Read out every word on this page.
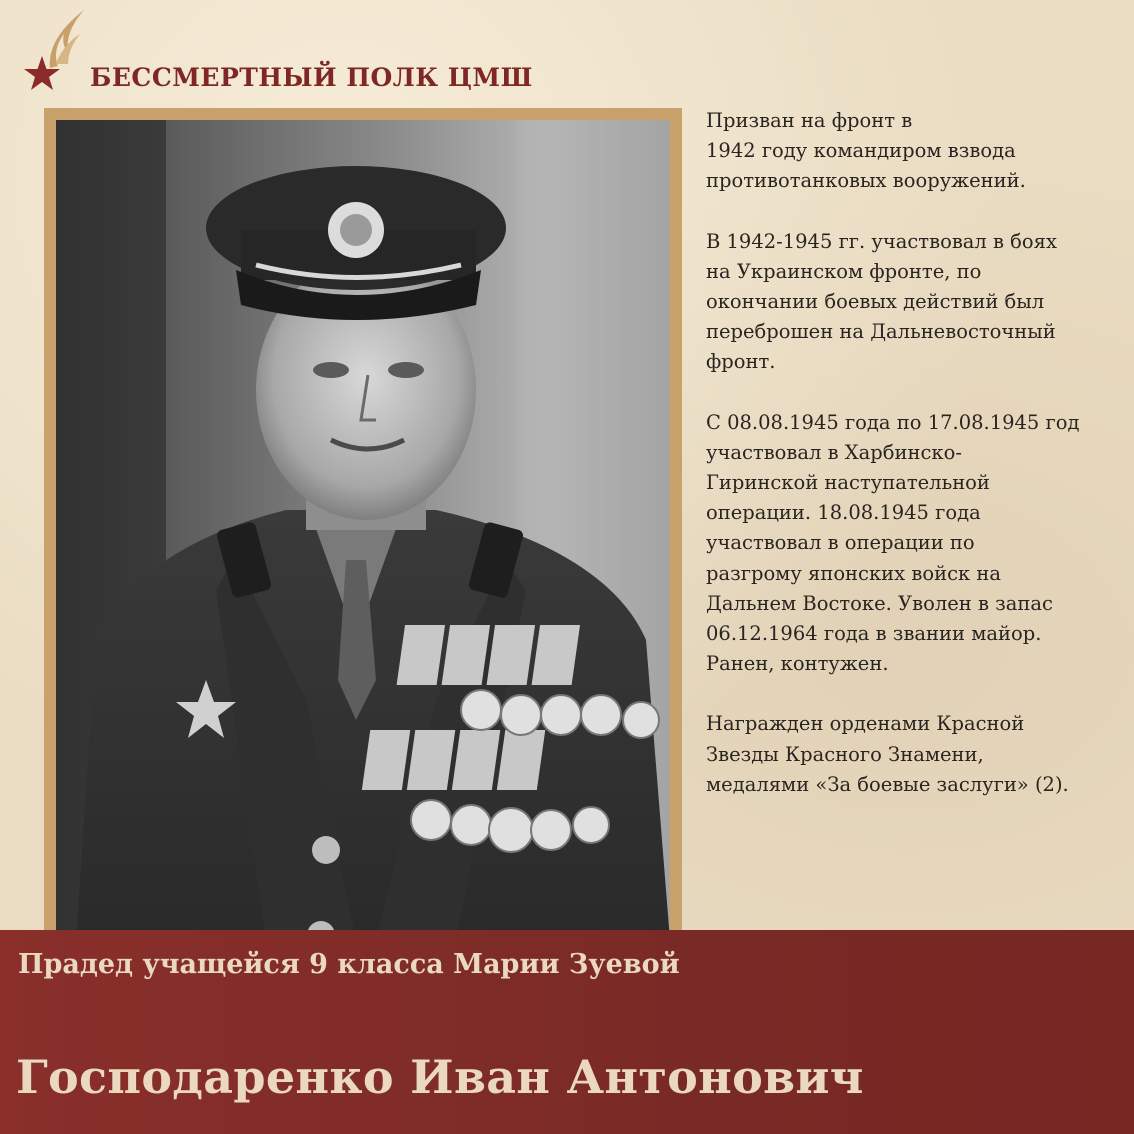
БЕССМЕРТНЫЙ ПОЛК ЦМШ

Призван на фронт в
1942 году командиром взвода
противотанковых вооружений.

В 1942-1945 гг. участвовал в боях
на Украинском фронте, по
окончании боевых действий был
переброшен на Дальневосточный
фронт.

С 08.08.1945 года по 17.08.1945 год
участвовал в Харбинско-
Гиринской наступательной
операции. 18.08.1945 года
участвовал в операции по
разгрому японских войск на
Дальнем Востоке. Уволен в запас
06.12.1964 года в звании майор.
Ранен, контужен.

Награжден орденами Красной
Звезды Красного Знамени,
медалями «За боевые заслуги» (2).

Прадед учащейся 9 класса Марии Зуевой
Господаренко Иван Антонович
